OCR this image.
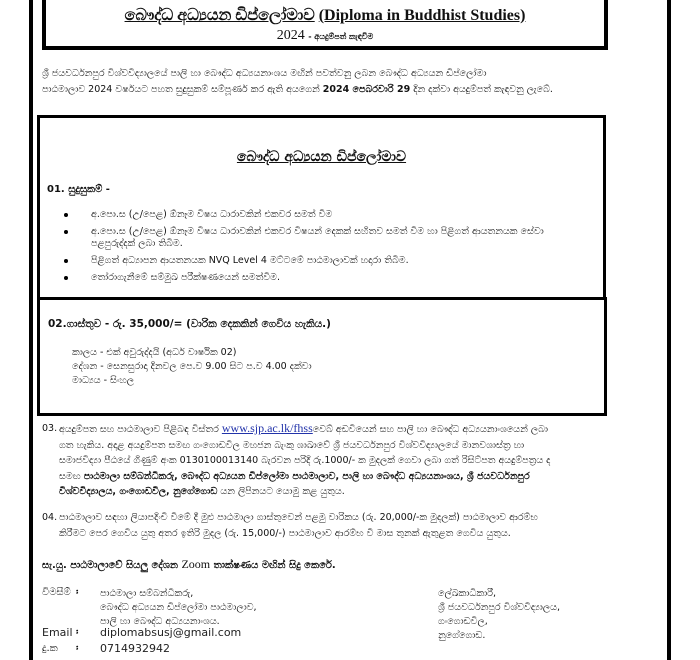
බෞද්ධ අධ්‍යයන ඩිප්ලෝමාව (Diploma in Buddhist Studies)
2024 - අයදුම්පත් කැඳවීම

ශ්‍රී ජයවර්ධනපුර විශ්වවිද්‍යාලයේ පාලි හා බෞද්ධ අධ්‍යයනාංශය මඟින් පවත්වනු ලබන බෞද්ධ අධ්‍යයන ඩිප්ලෝමා

පාඨමාලාව 2024 වර්ෂයට පහත සුදුසුකම් සම්පූර්ණ කර ඇති අයගෙන් 2024 පෙබරවාරි 29 දින දක්වා අයදුම්පත් කැඳවනු ලැබේ.

බෞද්ධ අධ්‍යයන ඩිප්ලෝමාව
01. සුදුසුකම් -
අ.පො.ස (උ/පෙළ) ඕනෑම විෂය ධාරාවකින් එකවර සමත් වීම
අ.පො.ස (උ/පෙළ) ඕනෑම විෂය ධාරාවකින් එකවර විෂයන් දෙකක් සහිතව සමත් වීම හා පිළිගත් ආයතනයක සේවා පළපුරුද්දක් ලබා තිබීම.
පිළිගත් අධ්‍යාපන ආයතනයක NVQ Level 4 මට්ටමේ පාඨමාලාවක් හදාරා තිබීම.
තෝරාගැනීමේ සම්මුඛ පරීක්ෂණයෙන් සමත්වීම.
02.ගාස්තුව - රු. 35,000/= (වාරික දෙකකින් ගෙවිය හැකිය.)
කාලය - එක් අවුරුද්දයි (අර්ධ වාර්ෂික 02)
දේශන - සෙනසුරාදා දිනවල පෙ.ව 9.00 සිට ප.ව 4.00 දක්වා
මාධ්‍යය - සිංහල
03. අයදුම්පත සහ පාඨමාලාව පිළිබඳ විස්තර www.sjp.ac.lk/fhssවෙබ් අඩවියෙන් සහ පාලි හා බෞද්ධ අධ්‍යයනාංශයෙන් ලබා
ගත හැකිය. අදාළ අයදුම්පත සමඟ ගංගොඩවිල මහජන බැංකු ශාඛාවේ ශ්‍රී ජයවර්ධනපුර විශ්වවිද්‍යාලයේ මානවශාස්ත්‍ර හා
සමාජවිද්‍යා පීඨයේ ගිණුම් අංක 0130100013140 බැරවන පරිදි රු.1000/- ක මුදලක් ගෙවා ලබා ගත් රිසිට්පත අයදුම්පත්‍රය ද
සමඟ පාඨමාලා සම්බන්ධීකරු, බෞද්ධ අධ්‍යයන ඩිප්ලෝමා පාඨමාලාව, පාලි හා බෞද්ධ අධ්‍යයනාංශය, ශ්‍රී ජයවර්ධනපුර
විශ්වවිද්‍යාලය, ගංගොඩවිල, නුගේගොඩ යන ලිපිනයට යොමු කළ යුතුය.
04. පාඨමාලාව සඳහා ලියාපදිංචි වීමේ දී මුළු පාඨමාලා ගාස්තුවෙන් පළමු වාරිකය (රු. 20,000/-ක මුදලක්) පාඨමාලාව ආරම්භ
කිරීමට පෙර ගෙවිය යුතු අතර ඉතිරි මුදල (රු. 15,000/-) පාඨමාලාව ආරම්භ වී මාස තුනක් ඇතුළත ගෙවිය යුතුය.
සැ.යු. පාඨමාලාවේ සියලු දේශන Zoom තාක්ෂණය මඟින් සිදු කෙරේ.
විමසීම් ፡ පාඨමාලා සම්බන්ධීකරු,
බෞද්ධ අධ්‍යයන ඩිප්ලෝමා පාඨමාලාව,
පාලි හා බෞද්ධ අධ්‍යයනාංශය.
Email ፡ diplomabsusj@gmail.com
දු.ක ፡ 0714932942
ලේඛකාධිකාරී,
ශ්‍රී ජයවර්ධනපුර විශ්වවිද්‍යාලය,
ගංගොඩවිල,
නුගේගොඩ.
